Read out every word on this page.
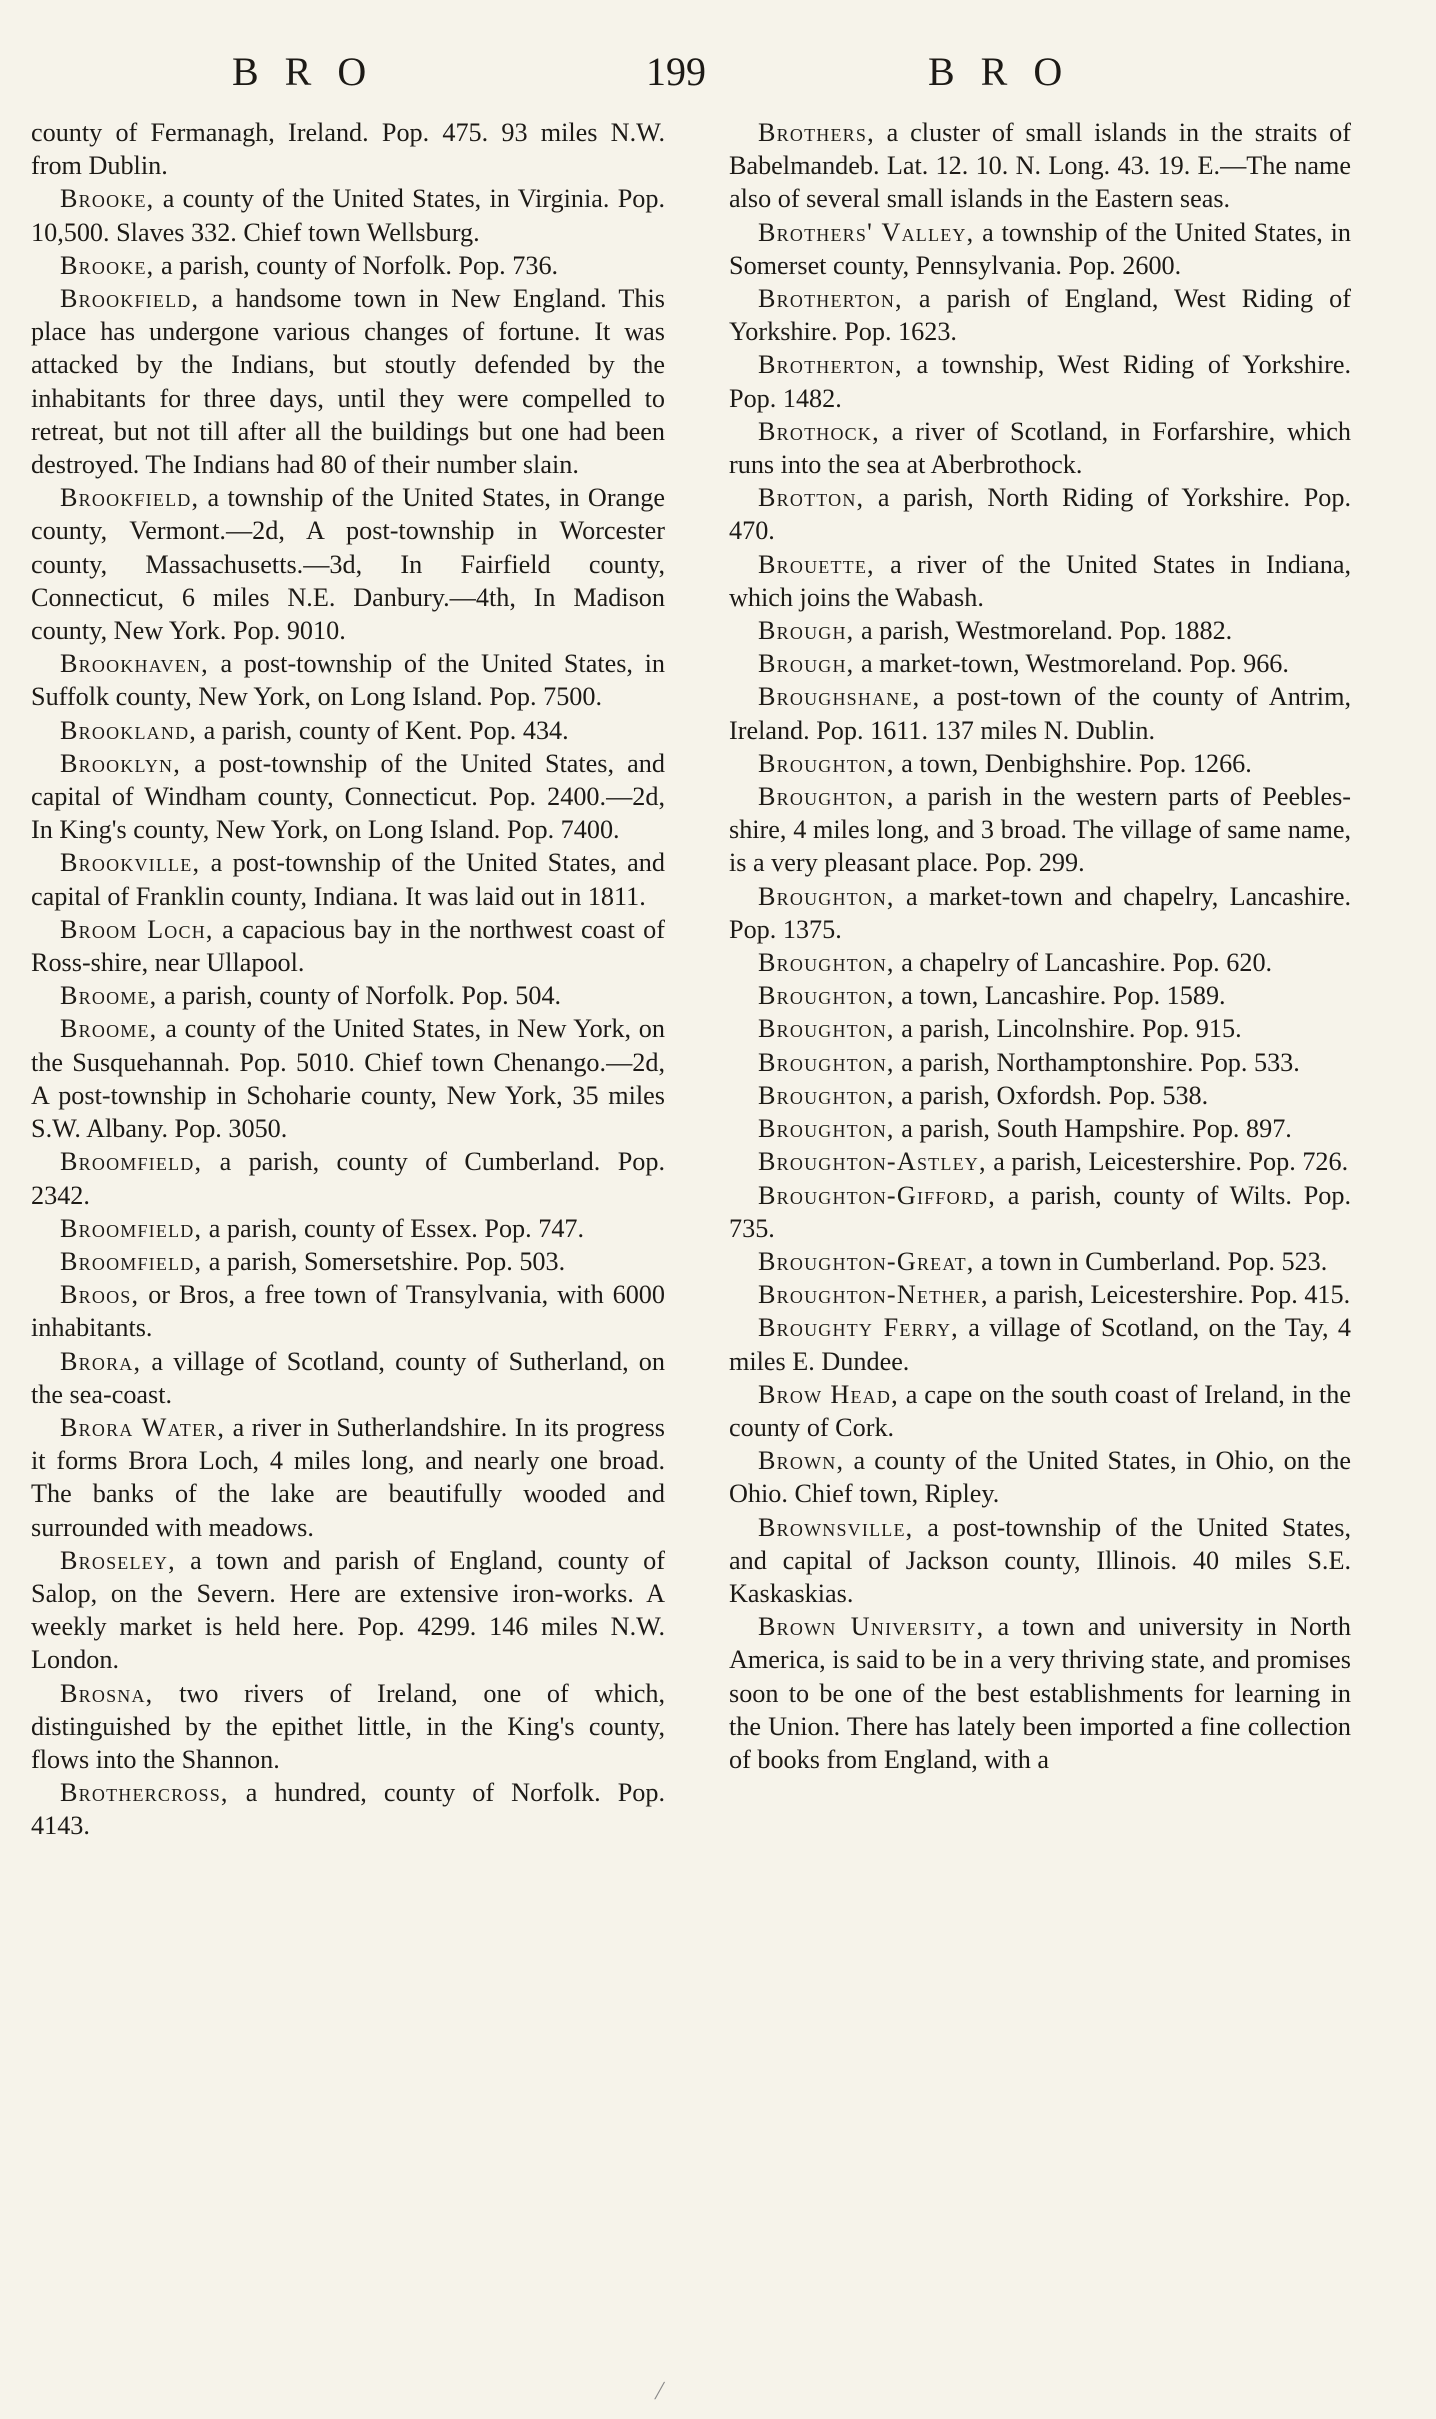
BRO	199	BRO

county of Fermanagh, Ireland. Pop. 475. 93 miles N.W. from Dublin.

Brooke, a county of the United States, in Virginia. Pop. 10,500. Slaves 332. Chief town Wellsburg.

Brooke, a parish, county of Norfolk. Pop. 736.

Brookfield, a handsome town in New England. This place has undergone various changes of fortune. It was attacked by the Indians, but stoutly defended by the inhabitants for three days, until they were compelled to retreat, but not till after all the buildings but one had been destroyed. The Indians had 80 of their number slain.

Brookfield, a township of the United States, in Orange county, Vermont.—2d, A post-township in Worcester county, Massachusetts.—3d, In Fairfield county, Connecticut, 6 miles N.E. Danbury.—4th, In Madison county, New York. Pop. 9010.

Brookhaven, a post-township of the United States, in Suffolk county, New York, on Long Island. Pop. 7500.

Brookland, a parish, county of Kent. Pop. 434.

Brooklyn, a post-township of the United States, and capital of Windham county, Connecticut. Pop. 2400.—2d, In King's county, New York, on Long Island. Pop. 7400.

Brookville, a post-township of the United States, and capital of Franklin county, Indiana. It was laid out in 1811.

Broom Loch, a capacious bay in the northwest coast of Ross-shire, near Ullapool.

Broome, a parish, county of Norfolk. Pop. 504.

Broome, a county of the United States, in New York, on the Susquehannah. Pop. 5010. Chief town Chenango.—2d, A post-township in Schoharie county, New York, 35 miles S.W. Albany. Pop. 3050.

Broomfield, a parish, county of Cumberland. Pop. 2342.

Broomfield, a parish, county of Essex. Pop. 747.

Broomfield, a parish, Somersetshire. Pop. 503.

Broos, or Bros, a free town of Transylvania, with 6000 inhabitants.

Brora, a village of Scotland, county of Sutherland, on the sea-coast.

Brora Water, a river in Sutherlandshire. In its progress it forms Brora Loch, 4 miles long, and nearly one broad. The banks of the lake are beautifully wooded and surrounded with meadows.

Broseley, a town and parish of England, county of Salop, on the Severn. Here are extensive iron-works. A weekly market is held here. Pop. 4299. 146 miles N.W. London.

Brosna, two rivers of Ireland, one of which, distinguished by the epithet little, in the King's county, flows into the Shannon.

Brothercross, a hundred, county of Norfolk. Pop. 4143.

Brothers, a cluster of small islands in the straits of Babelmandeb. Lat. 12. 10. N. Long. 43. 19. E.—The name also of several small islands in the Eastern seas.

Brothers' Valley, a township of the United States, in Somerset county, Pennsylvania. Pop. 2600.

Brotherton, a parish of England, West Riding of Yorkshire. Pop. 1623.

Brotherton, a township, West Riding of Yorkshire. Pop. 1482.

Brothock, a river of Scotland, in Forfarshire, which runs into the sea at Aberbrothock.

Brotton, a parish, North Riding of Yorkshire. Pop. 470.

Brouette, a river of the United States in Indiana, which joins the Wabash.

Brough, a parish, Westmoreland. Pop. 1882.

Brough, a market-town, Westmoreland. Pop. 966.

Broughshane, a post-town of the county of Antrim, Ireland. Pop. 1611. 137 miles N. Dublin.

Broughton, a town, Denbighshire. Pop. 1266.

Broughton, a parish in the western parts of Peebles-shire, 4 miles long, and 3 broad. The village of same name, is a very pleasant place. Pop. 299.

Broughton, a market-town and chapelry, Lancashire. Pop. 1375.

Broughton, a chapelry of Lancashire. Pop. 620.

Broughton, a town, Lancashire. Pop. 1589.

Broughton, a parish, Lincolnshire. Pop. 915.

Broughton, a parish, Northamptonshire. Pop. 533.

Broughton, a parish, Oxfordsh. Pop. 538.

Broughton, a parish, South Hampshire. Pop. 897.

Broughton-Astley, a parish, Leicestershire. Pop. 726.

Broughton-Gifford, a parish, county of Wilts. Pop. 735.

Broughton-Great, a town in Cumberland. Pop. 523.

Broughton-Nether, a parish, Leicestershire. Pop. 415.

Broughty Ferry, a village of Scotland, on the Tay, 4 miles E. Dundee.

Brow Head, a cape on the south coast of Ireland, in the county of Cork.

Brown, a county of the United States, in Ohio, on the Ohio. Chief town, Ripley.

Brownsville, a post-township of the United States, and capital of Jackson county, Illinois. 40 miles S.E. Kaskaskias.

Brown University, a town and university in North America, is said to be in a very thriving state, and promises soon to be one of the best establishments for learning in the Union. There has lately been imported a fine collection of books from England, with a

/
